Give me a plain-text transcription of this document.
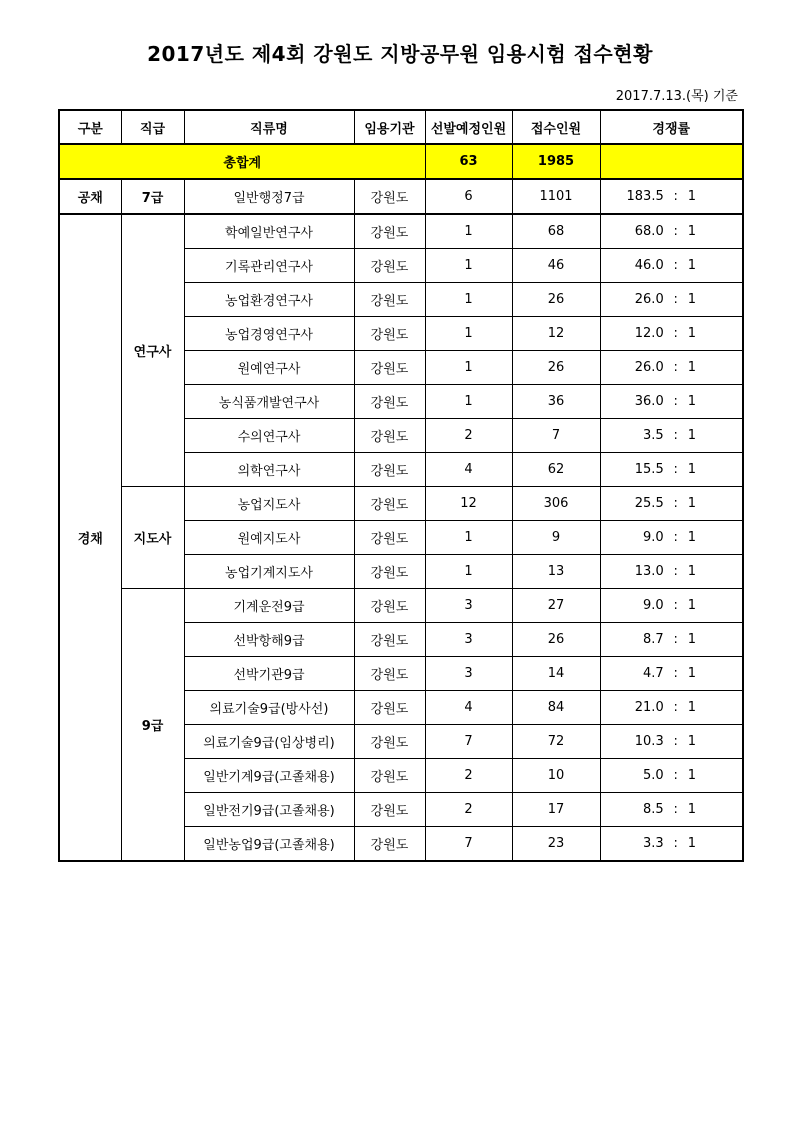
2017년도 제4회 강원도 지방공무원 임용시험 접수현황
2017.7.13.(목) 기준
구분	직급	직류명	임용기관	선발예정인원	접수인원	경쟁률
총합계				63	1985	
공채	7급	일반행정7급	강원도	6	1101	183.5 : 1
경채	연구사	학예일반연구사	강원도	1	68	68.0 : 1
		기록관리연구사	강원도	1	46	46.0 : 1
		농업환경연구사	강원도	1	26	26.0 : 1
		농업경영연구사	강원도	1	12	12.0 : 1
		원예연구사	강원도	1	26	26.0 : 1
		농식품개발연구사	강원도	1	36	36.0 : 1
		수의연구사	강원도	2	7	3.5 : 1
		의학연구사	강원도	4	62	15.5 : 1
	지도사	농업지도사	강원도	12	306	25.5 : 1
		원예지도사	강원도	1	9	9.0 : 1
		농업기계지도사	강원도	1	13	13.0 : 1
	9급	기계운전9급	강원도	3	27	9.0 : 1
		선박항해9급	강원도	3	26	8.7 : 1
		선박기관9급	강원도	3	14	4.7 : 1
		의료기술9급(방사선)	강원도	4	84	21.0 : 1
		의료기술9급(임상병리)	강원도	7	72	10.3 : 1
		일반기계9급(고졸채용)	강원도	2	10	5.0 : 1
		일반전기9급(고졸채용)	강원도	2	17	8.5 : 1
		일반농업9급(고졸채용)	강원도	7	23	3.3 : 1
